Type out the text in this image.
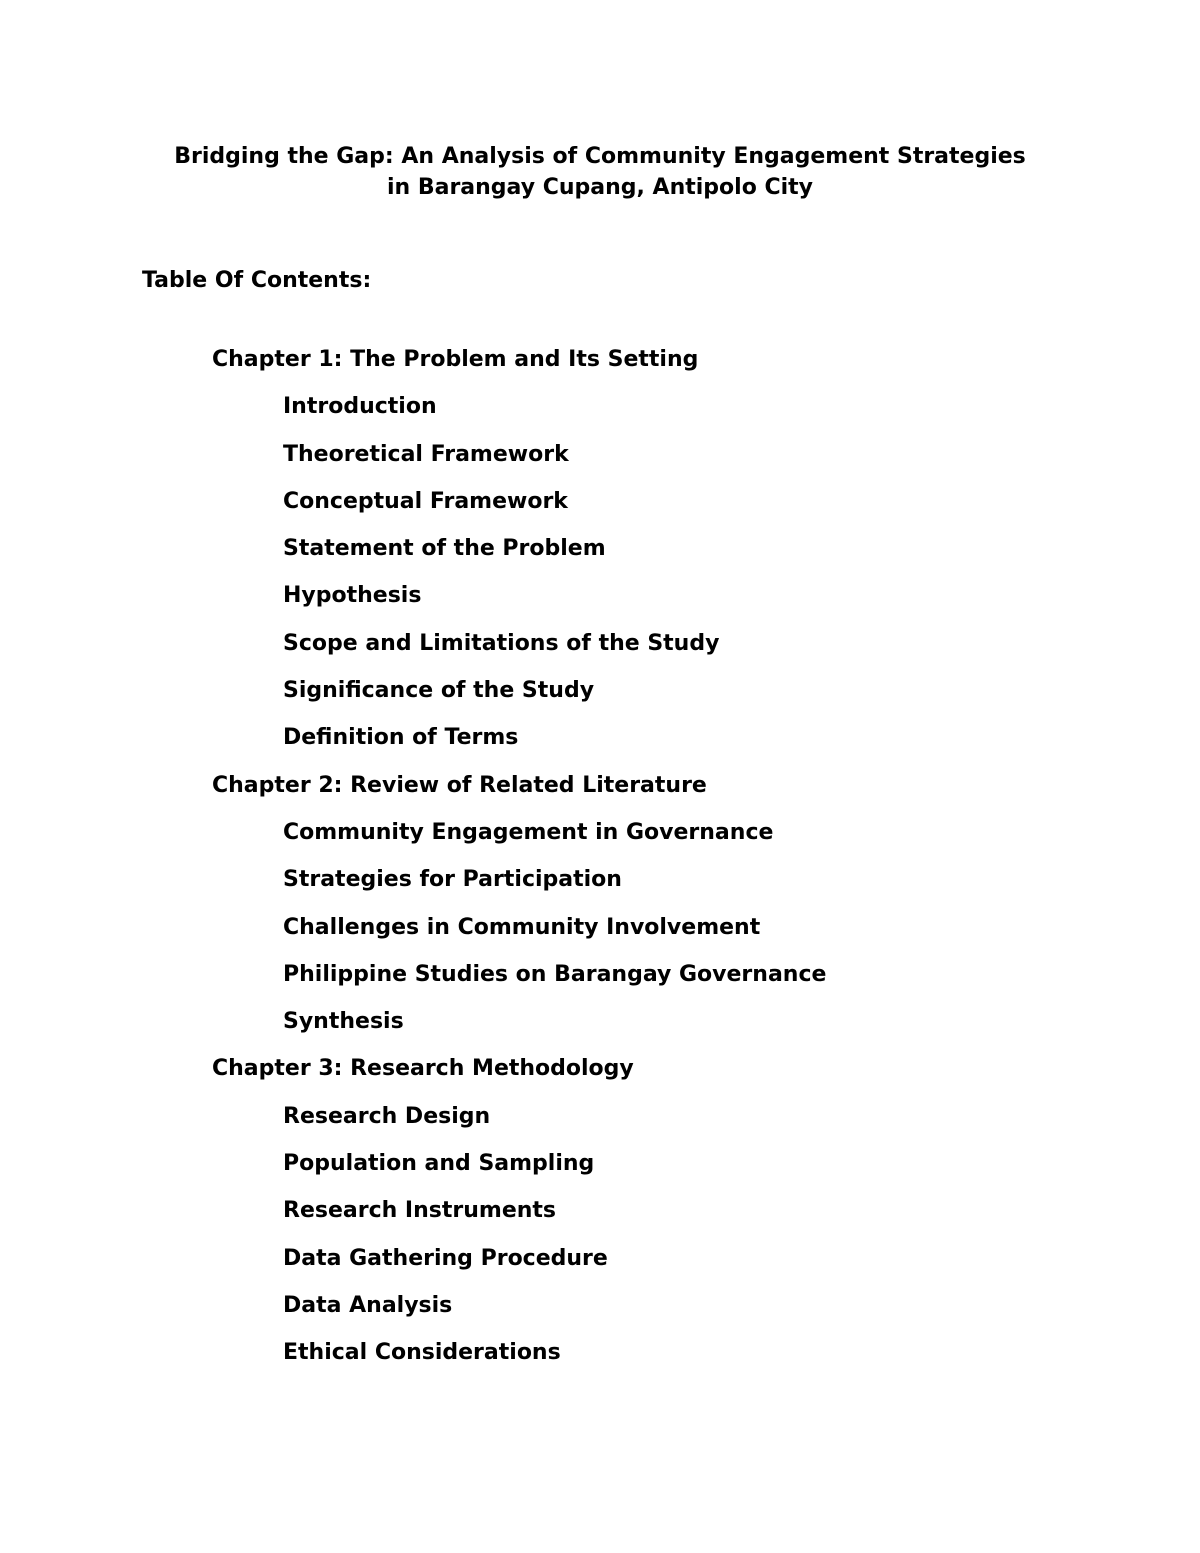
Bridging the Gap: An Analysis of Community Engagement Strategies
in Barangay Cupang, Antipolo City
Table Of Contents:
Chapter 1: The Problem and Its Setting
Introduction
Theoretical Framework
Conceptual Framework
Statement of the Problem
Hypothesis
Scope and Limitations of the Study
Significance of the Study
Definition of Terms
Chapter 2: Review of Related Literature
Community Engagement in Governance
Strategies for Participation
Challenges in Community Involvement
Philippine Studies on Barangay Governance
Synthesis
Chapter 3: Research Methodology
Research Design
Population and Sampling
Research Instruments
Data Gathering Procedure
Data Analysis
Ethical Considerations
